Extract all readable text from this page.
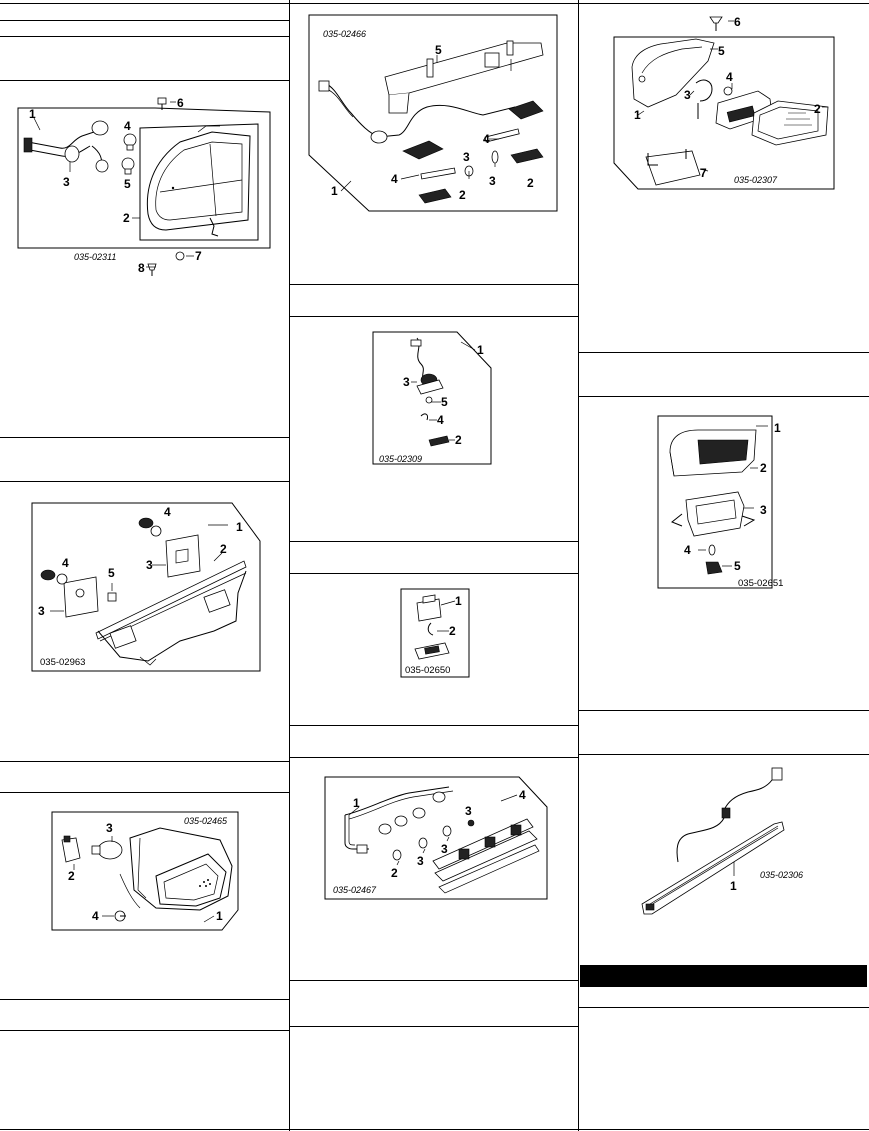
1
2
3
4
5
6
7
8
035-02311
1
2
3
4
4
3
5
035-02963
3
2
4	1
035-02465
5
1
4
4
3
3	2
2
035-02466
1
3
5
4
2
035-02309
1
2
035-02650
1
2
3
3
3
4
035-02467
6
5
4
3
2
1
7	035-02307
1
2
3
4
5
035-02651
1
035-02306
